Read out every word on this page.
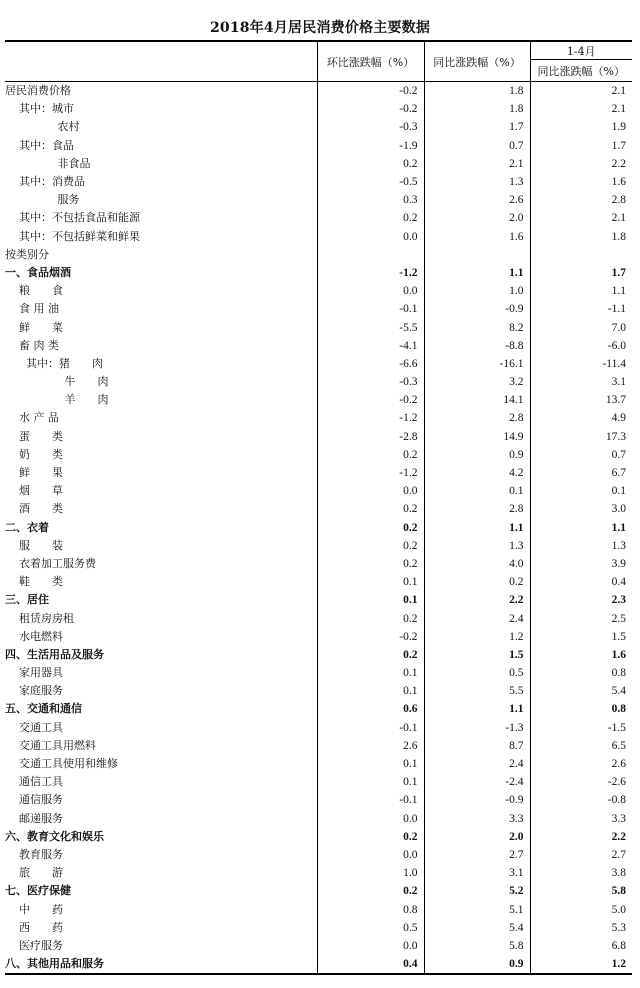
2018年4月居民消费价格主要数据
	环比涨跌幅（%）	同比涨跌幅（%）	1-4月
			同比涨跌幅（%）
居民消费价格	-0.2	1.8	2.1
其中：城市	-0.2	1.8	2.1
农村	-0.3	1.7	1.9
其中：食品	-1.9	0.7	1.7
非食品	0.2	2.1	2.2
其中：消费品	-0.5	1.3	1.6
服务	0.3	2.6	2.8
其中：不包括食品和能源	0.2	2.0	2.1
其中：不包括鲜菜和鲜果	0.0	1.6	1.8
按类别分			
一、食品烟酒	-1.2	1.1	1.7
粮　　食	0.0	1.0	1.1
食 用 油	-0.1	-0.9	-1.1
鲜　　菜	-5.5	8.2	7.0
畜 肉 类	-4.1	-8.8	-6.0
其中：猪　　肉	-6.6	-16.1	-11.4
牛　　肉	-0.3	3.2	3.1
羊　　肉	-0.2	14.1	13.7
水 产 品	-1.2	2.8	4.9
蛋　　类	-2.8	14.9	17.3
奶　　类	0.2	0.9	0.7
鲜　　果	-1.2	4.2	6.7
烟　　草	0.0	0.1	0.1
酒　　类	0.2	2.8	3.0
二、衣着	0.2	1.1	1.1
服　　装	0.2	1.3	1.3
衣着加工服务费	0.2	4.0	3.9
鞋　　类	0.1	0.2	0.4
三、居住	0.1	2.2	2.3
租赁房房租	0.2	2.4	2.5
水电燃料	-0.2	1.2	1.5
四、生活用品及服务	0.2	1.5	1.6
家用器具	0.1	0.5	0.8
家庭服务	0.1	5.5	5.4
五、交通和通信	0.6	1.1	0.8
交通工具	-0.1	-1.3	-1.5
交通工具用燃料	2.6	8.7	6.5
交通工具使用和维修	0.1	2.4	2.6
通信工具	0.1	-2.4	-2.6
通信服务	-0.1	-0.9	-0.8
邮递服务	0.0	3.3	3.3
六、教育文化和娱乐	0.2	2.0	2.2
教育服务	0.0	2.7	2.7
旅　　游	1.0	3.1	3.8
七、医疗保健	0.2	5.2	5.8
中　　药	0.8	5.1	5.0
西　　药	0.5	5.4	5.3
医疗服务	0.0	5.8	6.8
八、其他用品和服务	0.4	0.9	1.2
